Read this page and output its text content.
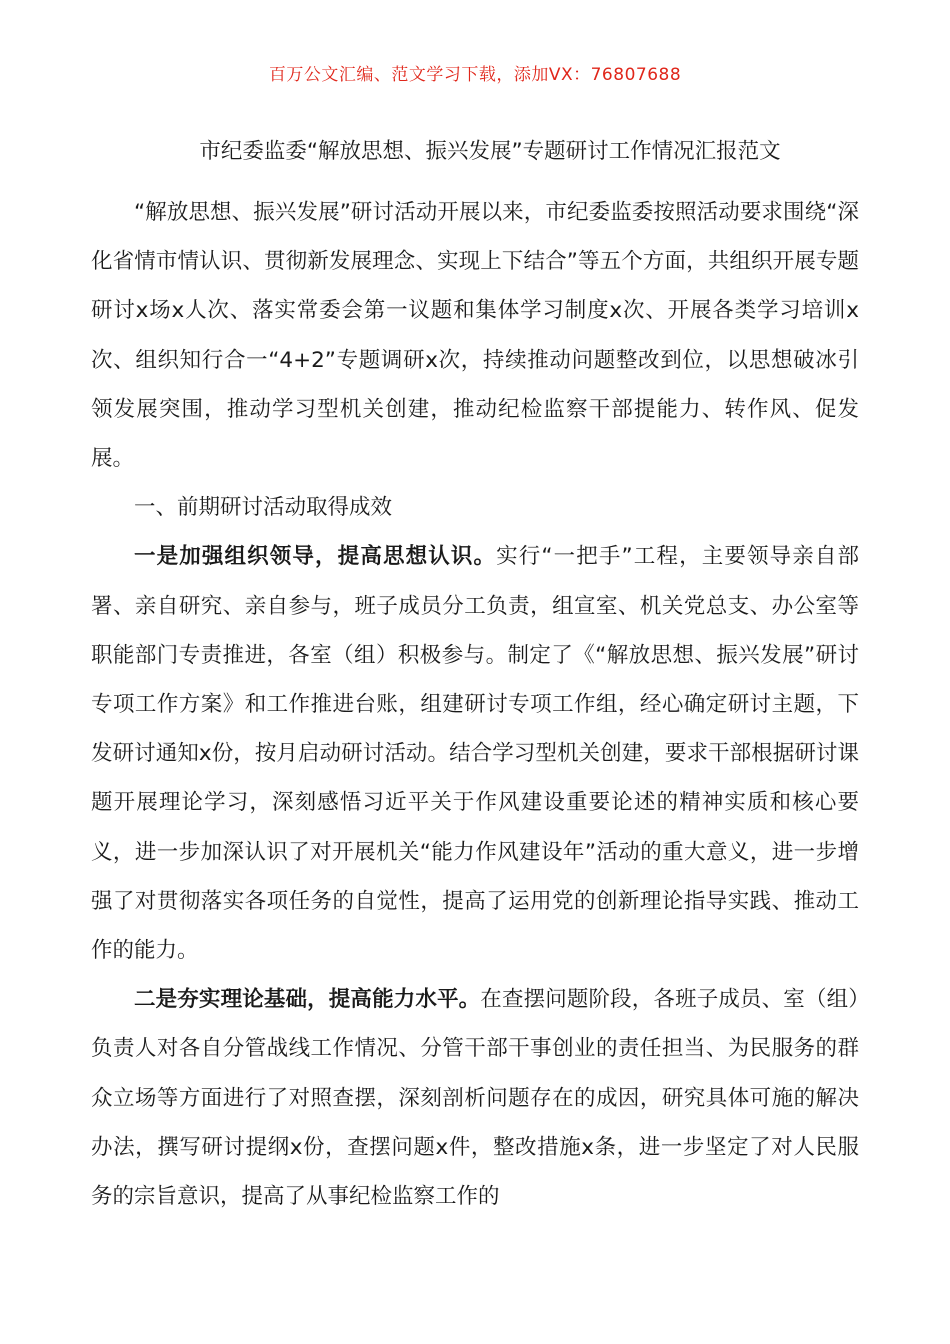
百万公文汇编、范文学习下载，添加VX：76807688
市纪委监委“解放思想、振兴发展”专题研讨工作情况汇报范文

“解放思想、振兴发展”研讨活动开展以来，市纪委监委按照活动要求围绕“深化省情市情认识、贯彻新发展理念、实现上下结合”等五个方面，共组织开展专题研讨x场x人次、落实常委会第一议题和集体学习制度x次、开展各类学习培训x次、组织知行合一“4+2”专题调研x次，持续推动问题整改到位，以思想破冰引领发展突围，推动学习型机关创建，推动纪检监察干部提能力、转作风、促发展。

一、前期研讨活动取得成效

一是加强组织领导，提高思想认识。实行“一把手”工程，主要领导亲自部署、亲自研究、亲自参与，班子成员分工负责，组宣室、机关党总支、办公室等职能部门专责推进，各室（组）积极参与。制定了《“解放思想、振兴发展”研讨专项工作方案》和工作推进台账，组建研讨专项工作组，经心确定研讨主题，下发研讨通知x份，按月启动研讨活动。结合学习型机关创建，要求干部根据研讨课题开展理论学习，深刻感悟习近平关于作风建设重要论述的精神实质和核心要义，进一步加深认识了对开展机关“能力作风建设年”活动的重大意义，进一步增强了对贯彻落实各项任务的自觉性，提高了运用党的创新理论指导实践、推动工作的能力。

二是夯实理论基础，提高能力水平。在查摆问题阶段，各班子成员、室（组）负责人对各自分管战线工作情况、分管干部干事创业的责任担当、为民服务的群众立场等方面进行了对照查摆，深刻剖析问题存在的成因，研究具体可施的解决办法，撰写研讨提纲x份，查摆问题x件，整改措施x条，进一步坚定了对人民服务的宗旨意识，提高了从事纪检监察工作的
